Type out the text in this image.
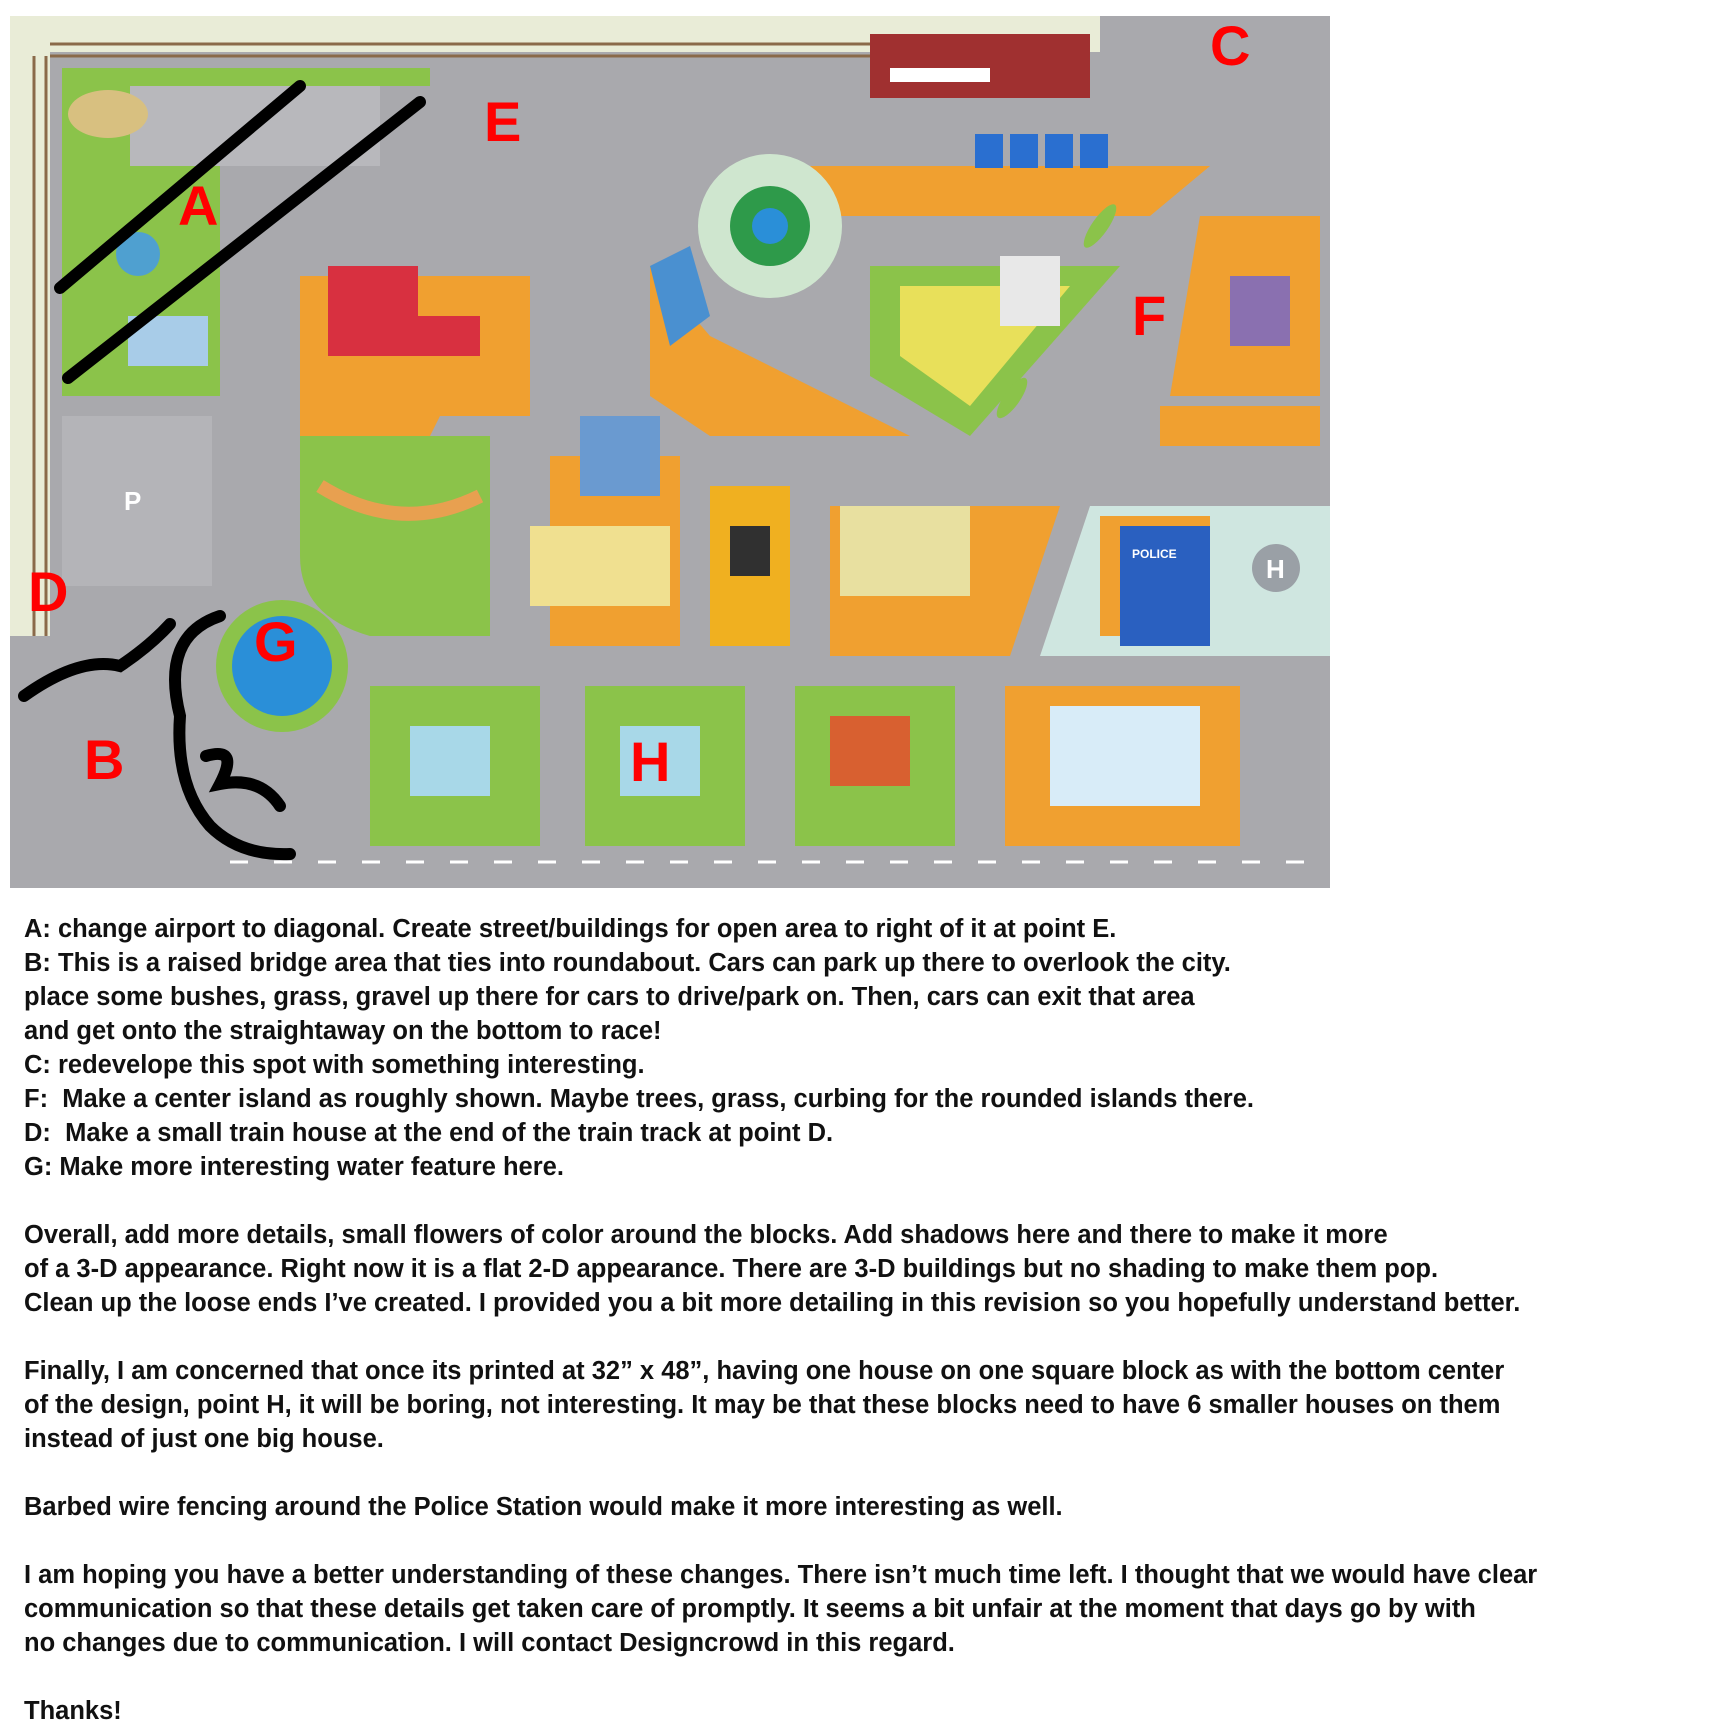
P
POLICE	H
A
B
C
D
E
F
G
H
A: change airport to diagonal. Create street/buildings for open area to right of it at point E.
B: This is a raised bridge area that ties into roundabout. Cars can park up there to overlook the city.
place some bushes, grass, gravel up there for cars to drive/park on. Then, cars can exit that area
and get onto the straightaway on the bottom to race!
C: redevelope this spot with something interesting.
F:  Make a center island as roughly shown. Maybe trees, grass, curbing for the rounded islands there.
D:  Make a small train house at the end of the train track at point D.
G: Make more interesting water feature here.
Overall, add more details, small flowers of color around the blocks. Add shadows here and there to make it more
of a 3-D appearance. Right now it is a flat 2-D appearance. There are 3-D buildings but no shading to make them pop.
Clean up the loose ends I’ve created. I provided you a bit more detailing in this revision so you hopefully understand better.
Finally, I am concerned that once its printed at 32” x 48”, having one house on one square block as with the bottom center
of the design, point H, it will be boring, not interesting. It may be that these blocks need to have 6 smaller houses on them
instead of just one big house.
Barbed wire fencing around the Police Station would make it more interesting as well.
I am hoping you have a better understanding of these changes. There isn’t much time left. I thought that we would have clear
communication so that these details get taken care of promptly. It seems a bit unfair at the moment that days go by with
no changes due to communication. I will contact Designcrowd in this regard.
Thanks!
